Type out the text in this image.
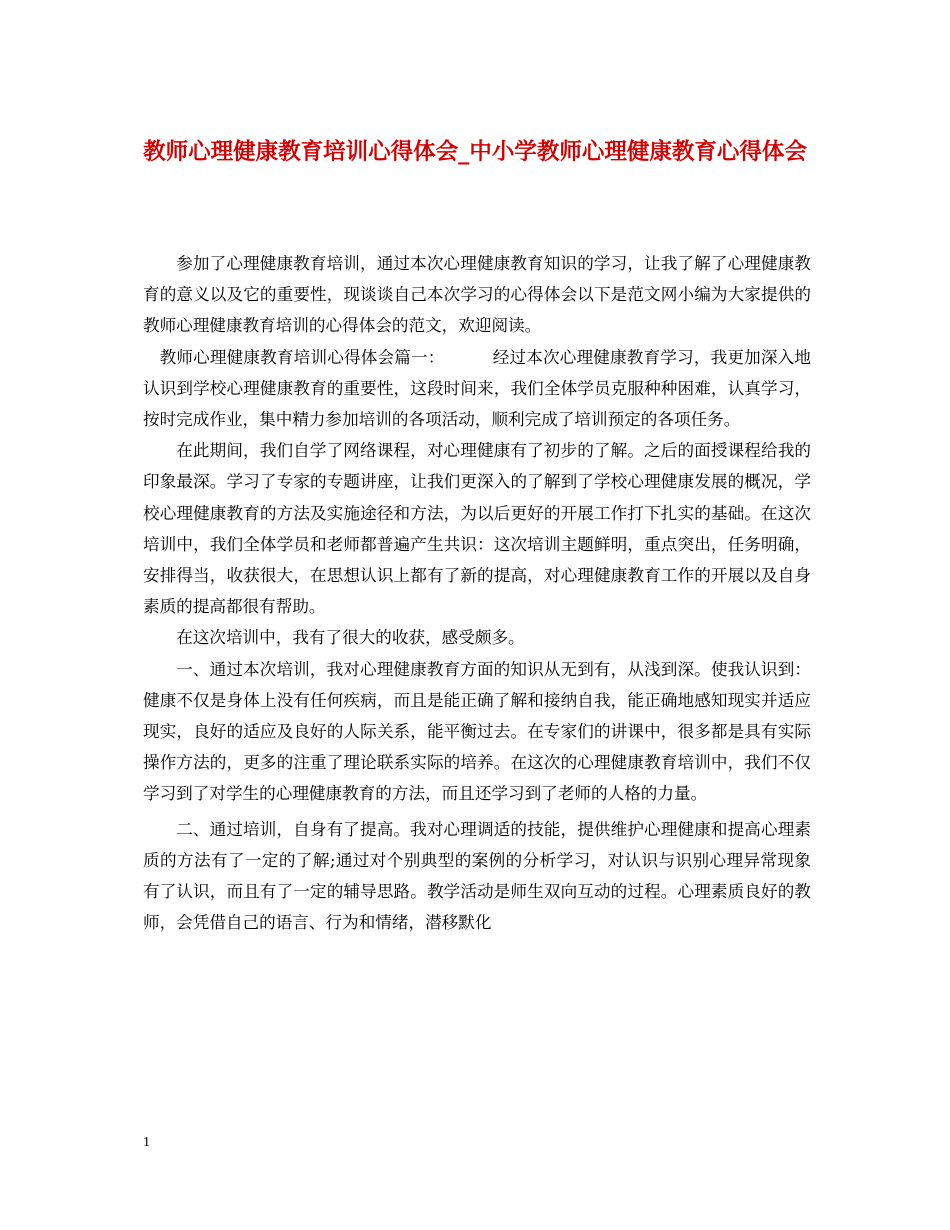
教师心理健康教育培训心得体会_中小学教师心理健康教育心得体会

参加了心理健康教育培训，通过本次心理健康教育知识的学习，让我了解了心理健康教育的意义以及它的重要性，现谈谈自己本次学习的心得体会以下是范文网小编为大家提供的教师心理健康教育培训的心得体会的范文，欢迎阅读。

教师心理健康教育培训心得体会篇一：	经过本次心理健康教育学习，我更加深入地认识到学校心理健康教育的重要性，这段时间来，我们全体学员克服种种困难，认真学习，按时完成作业，集中精力参加培训的各项活动，顺利完成了培训预定的各项任务。

在此期间，我们自学了网络课程，对心理健康有了初步的了解。之后的面授课程给我的印象最深。学习了专家的专题讲座，让我们更深入的了解到了学校心理健康发展的概况，学校心理健康教育的方法及实施途径和方法，为以后更好的开展工作打下扎实的基础。在这次培训中，我们全体学员和老师都普遍产生共识：这次培训主题鲜明，重点突出，任务明确，安排得当，收获很大，在思想认识上都有了新的提高，对心理健康教育工作的开展以及自身素质的提高都很有帮助。

在这次培训中，我有了很大的收获，感受颇多。

一、通过本次培训，我对心理健康教育方面的知识从无到有，从浅到深。使我认识到：健康不仅是身体上没有任何疾病，而且是能正确了解和接纳自我，能正确地感知现实并适应现实，良好的适应及良好的人际关系，能平衡过去。在专家们的讲课中，很多都是具有实际操作方法的，更多的注重了理论联系实际的培养。在这次的心理健康教育培训中，我们不仅学习到了对学生的心理健康教育的方法，而且还学习到了老师的人格的力量。

二、通过培训，自身有了提高。我对心理调适的技能，提供维护心理健康和提高心理素质的方法有了一定的了解;通过对个别典型的案例的分析学习，对认识与识别心理异常现象有了认识，而且有了一定的辅导思路。教学活动是师生双向互动的过程。心理素质良好的教师，会凭借自己的语言、行为和情绪，潜移默化

1
